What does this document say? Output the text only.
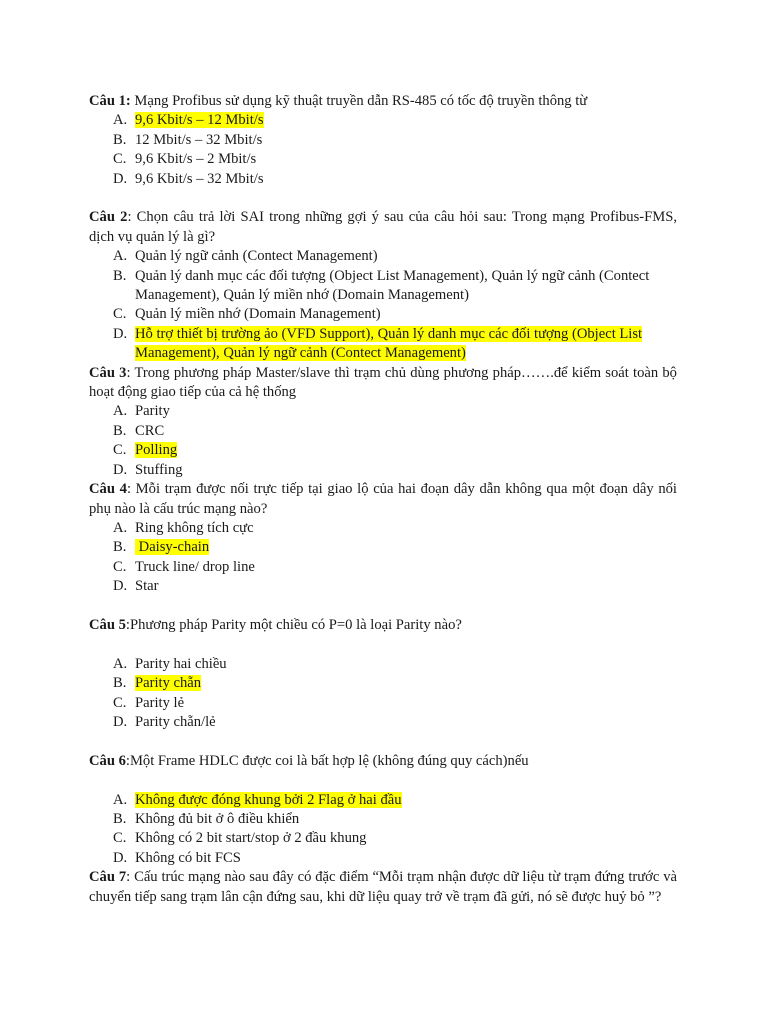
Câu 1: Mạng Profibus sử dụng kỹ thuật truyền dẫn RS-485 có tốc độ truyền thông từ
A. 9,6 Kbit/s – 12 Mbit/s
B. 12 Mbit/s – 32 Mbit/s
C. 9,6 Kbit/s – 2 Mbit/s
D. 9,6 Kbit/s – 32 Mbit/s
Câu 2: Chọn câu trả lời SAI trong những gợi ý sau của câu hỏi sau: Trong mạng Profibus-FMS, dịch vụ quản lý là gì?
A. Quản lý ngữ cảnh (Contect Management)
B. Quản lý danh mục các đối tượng (Object List Management), Quản lý ngữ cảnh (Contect Management), Quản lý miền nhớ (Domain Management)
C. Quản lý miền nhớ (Domain Management)
D. Hỗ trợ thiết bị trường ảo (VFD Support), Quản lý danh mục các đối tượng (Object List Management), Quản lý ngữ cảnh (Contect Management)
Câu 3: Trong phương pháp Master/slave thì trạm chủ dùng phương pháp…….để kiểm soát toàn bộ hoạt động giao tiếp của cả hệ thống
A. Parity
B. CRC
C. Polling
D. Stuffing
Câu 4: Mỗi trạm được nối trực tiếp tại giao lộ của hai đoạn dây dẫn không qua một đoạn dây nối phụ nào là cấu trúc mạng nào?
A. Ring không tích cực
B. Daisy-chain
C. Truck line/ drop line
D. Star
Câu 5:Phương pháp Parity một chiều có P=0 là loại Parity nào?
A. Parity hai chiều
B. Parity chẵn
C. Parity lẻ
D. Parity chẵn/lẻ
Câu 6:Một Frame HDLC được coi là bất hợp lệ (không đúng quy cách)nếu
A. Không được đóng khung bởi 2 Flag ở hai đầu
B. Không đủ bit ở ô điều khiển
C. Không có 2 bit start/stop ở 2 đầu khung
D. Không có bit FCS
Câu 7: Cấu trúc mạng nào sau đây có đặc điểm “Mỗi trạm nhận được dữ liệu từ trạm đứng trước và chuyển tiếp sang trạm lân cận đứng sau, khi dữ liệu quay trở về trạm đã gửi, nó sẽ được huỷ bỏ ”?
